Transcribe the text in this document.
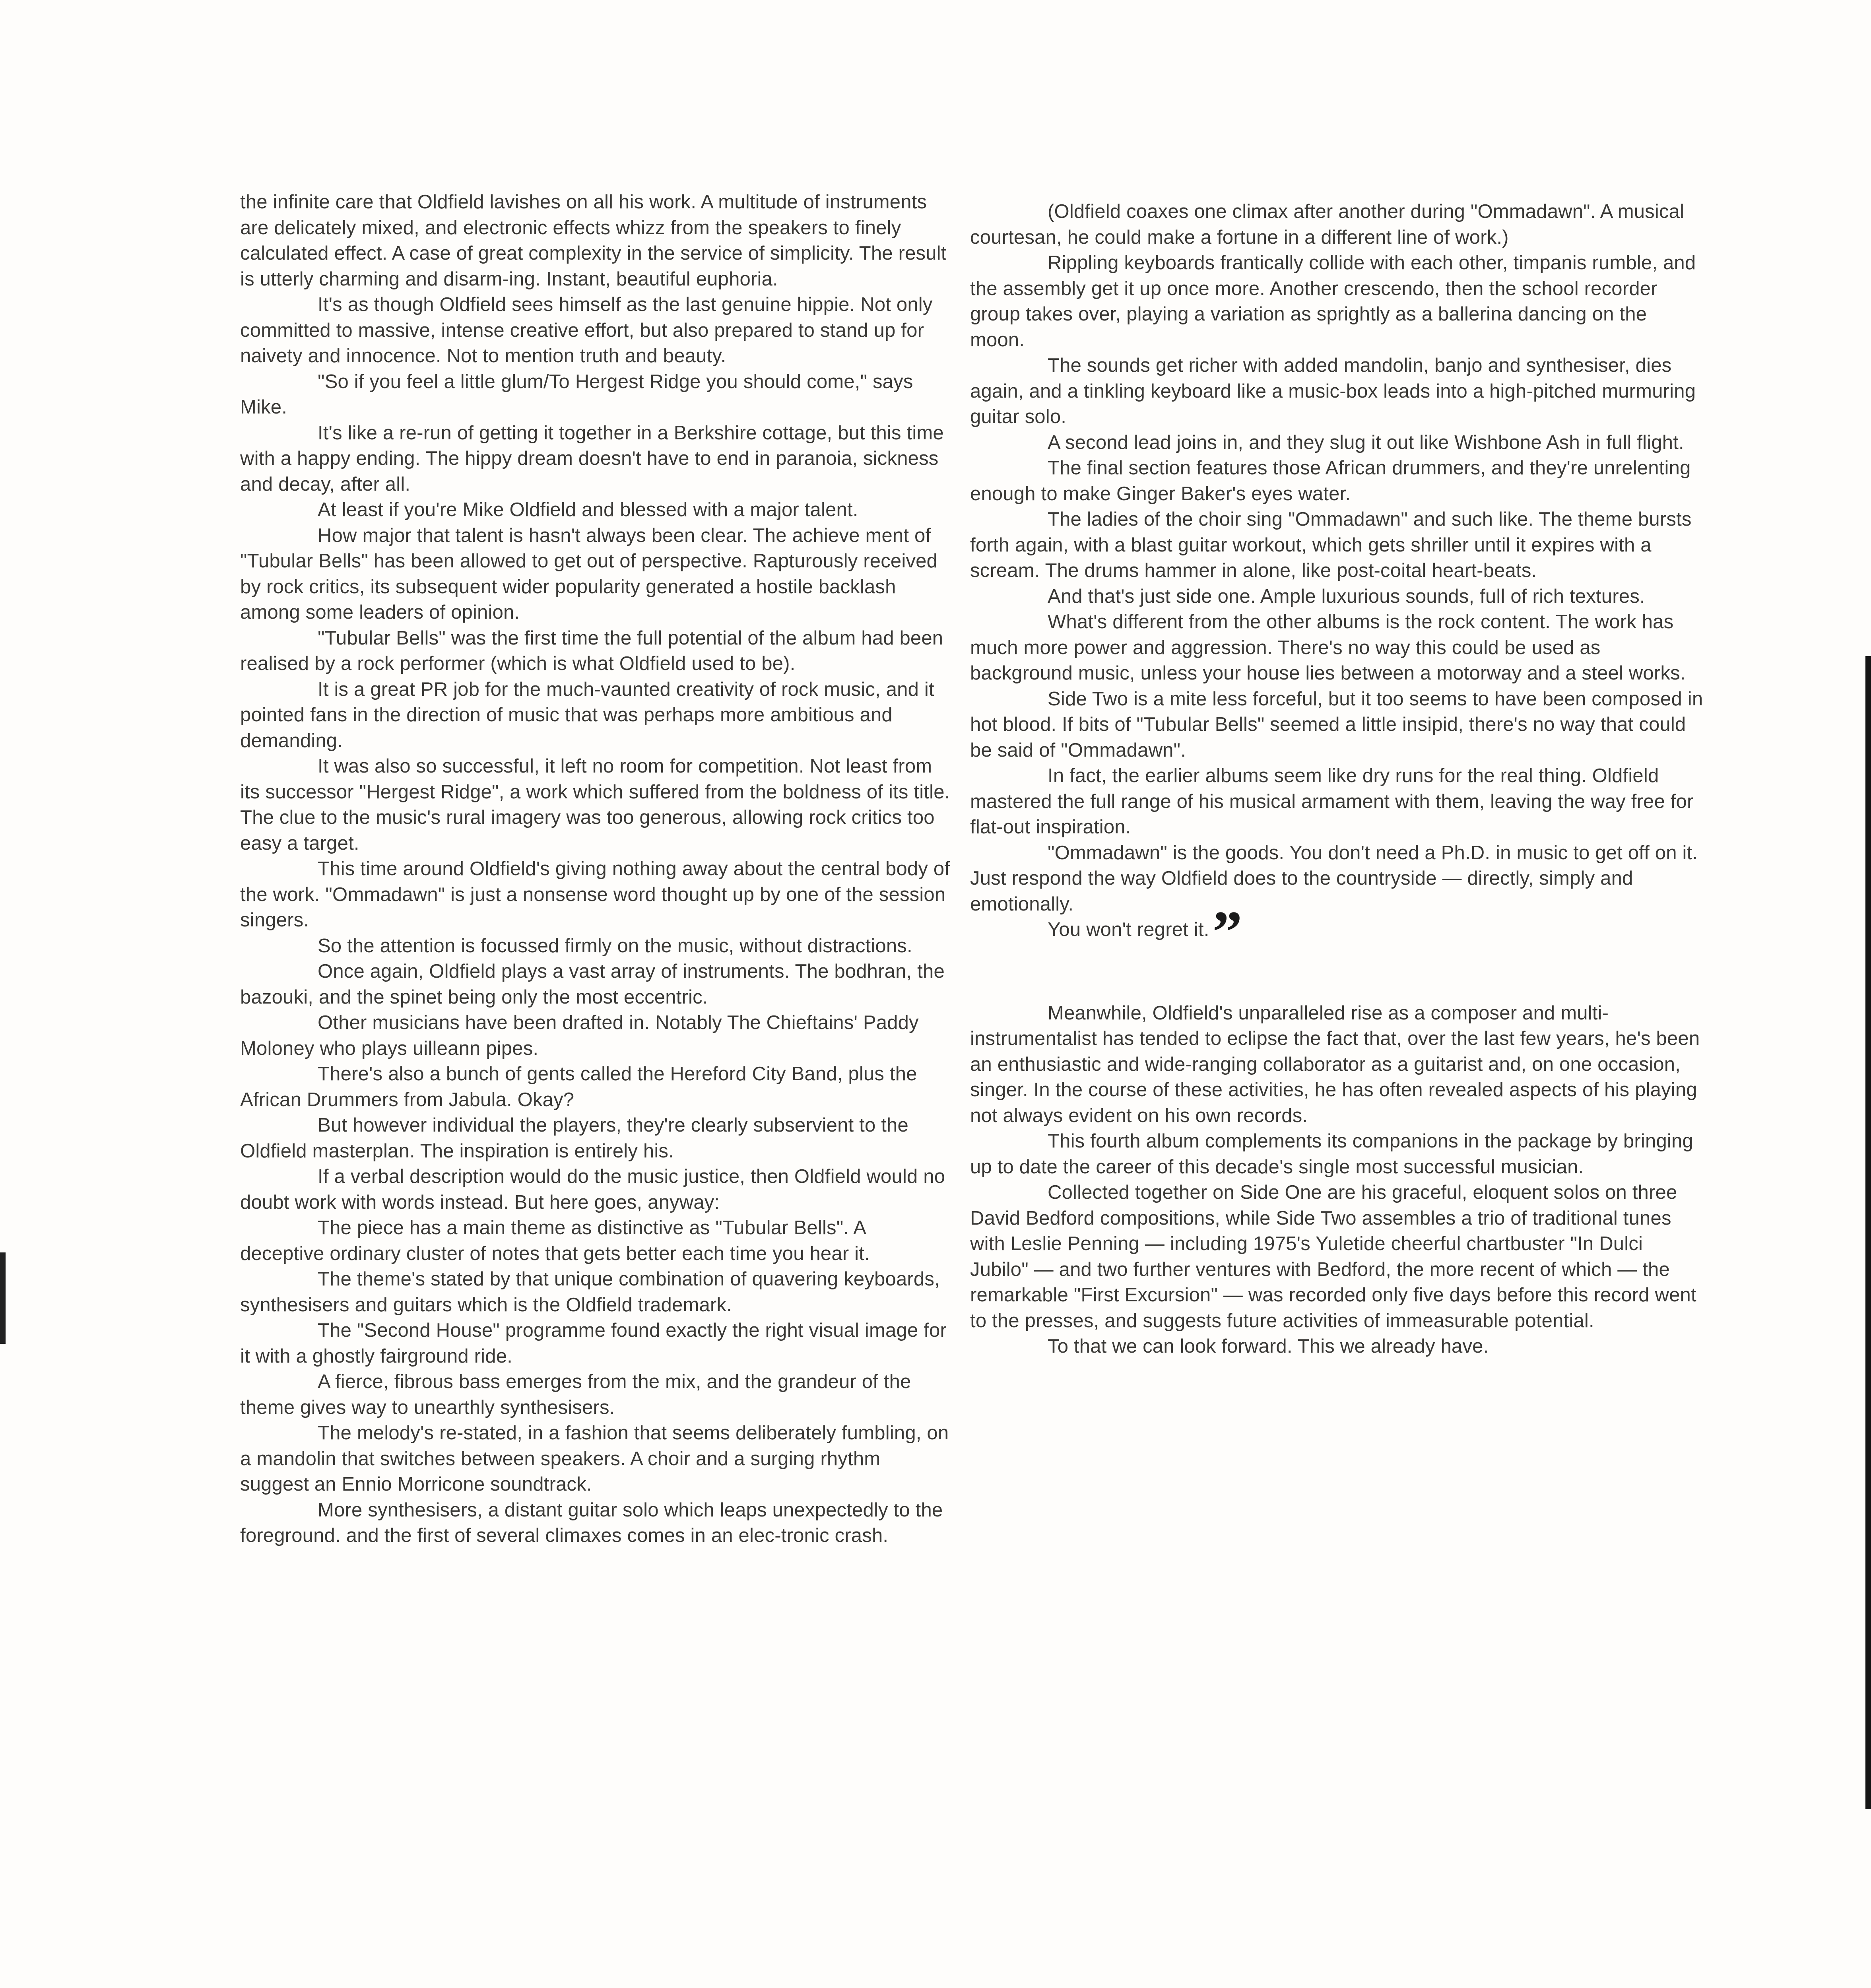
the infinite care that Oldfield lavishes on all his work. A multitude of instruments are delicately mixed, and electronic effects whizz from the speakers to finely calculated effect. A case of great complexity in the service of simplicity. The result is utterly charming and disarm-ing. Instant, beautiful euphoria.

It's as though Oldfield sees himself as the last genuine hippie. Not only committed to massive, intense creative effort, but also prepared to stand up for naivety and innocence. Not to mention truth and beauty.

"So if you feel a little glum/To Hergest Ridge you should come," says Mike.

It's like a re-run of getting it together in a Berkshire cottage, but this time with a happy ending. The hippy dream doesn't have to end in paranoia, sickness and decay, after all.

At least if you're Mike Oldfield and blessed with a major talent.

How major that talent is hasn't always been clear. The achieve ment of "Tubular Bells" has been allowed to get out of perspective. Rapturously received by rock critics, its subsequent wider popularity generated a hostile backlash among some leaders of opinion.

"Tubular Bells" was the first time the full potential of the album had been realised by a rock performer (which is what Oldfield used to be).

It is a great PR job for the much-vaunted creativity of rock music, and it pointed fans in the direction of music that was perhaps more ambitious and demanding.

It was also so successful, it left no room for competition. Not least from its successor "Hergest Ridge", a work which suffered from the boldness of its title. The clue to the music's rural imagery was too generous, allowing rock critics too easy a target.

This time around Oldfield's giving nothing away about the central body of the work. "Ommadawn" is just a nonsense word thought up by one of the session singers.

So the attention is focussed firmly on the music, without distractions.

Once again, Oldfield plays a vast array of instruments. The bodhran, the bazouki, and the spinet being only the most eccentric.

Other musicians have been drafted in. Notably The Chieftains' Paddy Moloney who plays uilleann pipes.

There's also a bunch of gents called the Hereford City Band, plus the African Drummers from Jabula. Okay?

But however individual the players, they're clearly subservient to the Oldfield masterplan. The inspiration is entirely his.

If a verbal description would do the music justice, then Oldfield would no doubt work with words instead. But here goes, anyway:

The piece has a main theme as distinctive as "Tubular Bells". A deceptive ordinary cluster of notes that gets better each time you hear it.

The theme's stated by that unique combination of quavering keyboards, synthesisers and guitars which is the Oldfield trademark.

The "Second House" programme found exactly the right visual image for it with a ghostly fairground ride.

A fierce, fibrous bass emerges from the mix, and the grandeur of the theme gives way to unearthly synthesisers.

The melody's re-stated, in a fashion that seems deliberately fumbling, on a mandolin that switches between speakers. A choir and a surging rhythm suggest an Ennio Morricone soundtrack.

More synthesisers, a distant guitar solo which leaps unexpectedly to the foreground. and the first of several climaxes comes in an elec-tronic crash.

(Oldfield coaxes one climax after another during "Ommadawn". A musical courtesan, he could make a fortune in a different line of work.)

Rippling keyboards frantically collide with each other, timpanis rumble, and the assembly get it up once more. Another crescendo, then the school recorder group takes over, playing a variation as sprightly as a ballerina dancing on the moon.

The sounds get richer with added mandolin, banjo and synthesiser, dies again, and a tinkling keyboard like a music-box leads into a high-pitched murmuring guitar solo.

A second lead joins in, and they slug it out like Wishbone Ash in full flight.

The final section features those African drummers, and they're unrelenting enough to make Ginger Baker's eyes water.

The ladies of the choir sing "Ommadawn" and such like. The theme bursts forth again, with a blast guitar workout, which gets shriller until it expires with a scream. The drums hammer in alone, like post-coital heart-beats.

And that's just side one. Ample luxurious sounds, full of rich textures.

What's different from the other albums is the rock content. The work has much more power and aggression. There's no way this could be used as background music, unless your house lies between a motorway and a steel works.

Side Two is a mite less forceful, but it too seems to have been composed in hot blood. If bits of "Tubular Bells" seemed a little insipid, there's no way that could be said of "Ommadawn".

In fact, the earlier albums seem like dry runs for the real thing. Oldfield mastered the full range of his musical armament with them, leaving the way free for flat-out inspiration.

"Ommadawn" is the goods. You don't need a Ph.D. in music to get off on it. Just respond the way Oldfield does to the countryside — directly, simply and emotionally.

You won't regret it.”

Meanwhile, Oldfield's unparalleled rise as a composer and multi-instrumentalist has tended to eclipse the fact that, over the last few years, he's been an enthusiastic and wide-ranging collaborator as a guitarist and, on one occasion, singer. In the course of these activities, he has often revealed aspects of his playing not always evident on his own records.

This fourth album complements its companions in the package by bringing up to date the career of this decade's single most successful musician.

Collected together on Side One are his graceful, eloquent solos on three David Bedford compositions, while Side Two assembles a trio of traditional tunes with Leslie Penning — including 1975's Yuletide cheerful chartbuster "In Dulci Jubilo" — and two further ventures with Bedford, the more recent of which — the remarkable "First Excursion" — was recorded only five days before this record went to the presses, and suggests future activities of immeasurable potential.

To that we can look forward. This we already have.
